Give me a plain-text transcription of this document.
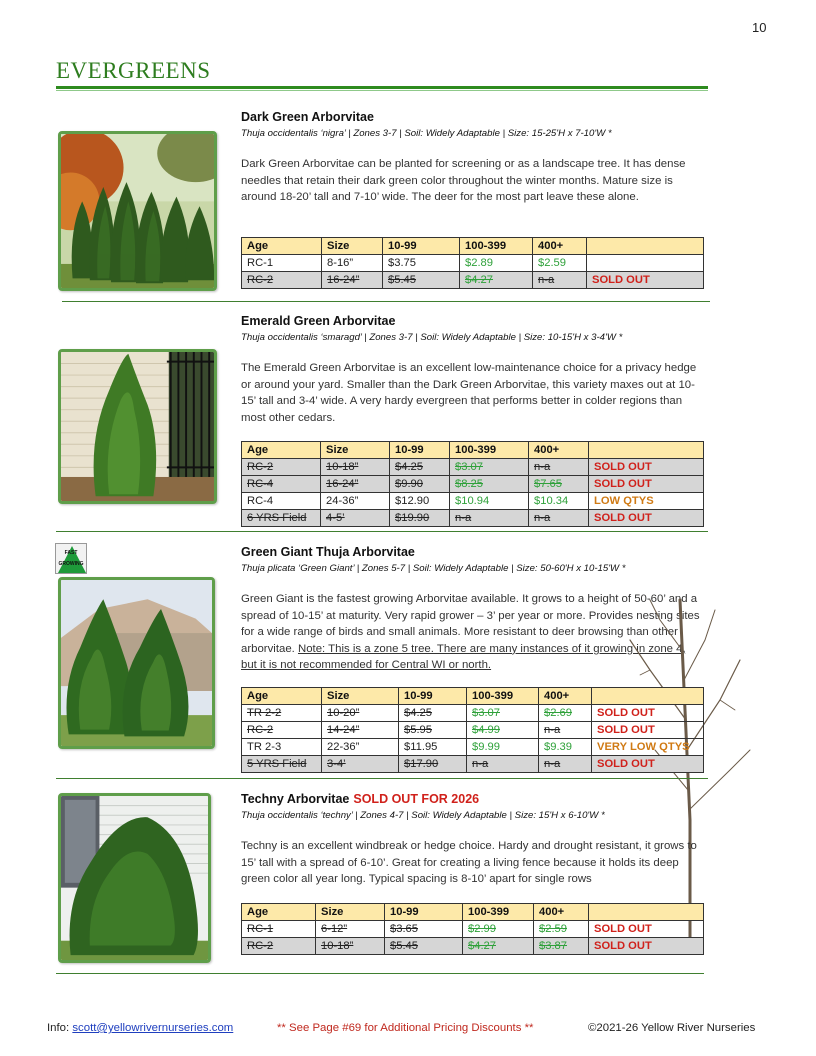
10
EVERGREENS
Dark Green Arborvitae
Thuja occidentalis ‘nigra’ | Zones 3-7 | Soil: Widely Adaptable | Size: 15-25'H x 7-10'W *
Dark Green Arborvitae can be planted for screening or as a landscape tree. It has dense needles that retain their dark green color throughout the winter months. Mature size is around 18-20’ tall and 7-10’ wide. The deer for the most part leave these alone.
Age	Size	10-99	100-399	400+	
RC-1	8-16”	$3.75	$2.89	$2.59	
RC-2	16-24”	$5.45	$4.27	n-a	SOLD OUT
Emerald Green Arborvitae
Thuja occidentalis ‘smaragd’ | Zones 3-7 | Soil: Widely Adaptable | Size: 10-15'H x 3-4'W *
The Emerald Green Arborvitae is an excellent low-maintenance choice for a privacy hedge or around your yard. Smaller than the Dark Green Arborvitae, this variety maxes out at 10-15’ tall and 3-4’ wide. A very hardy evergreen that performs better in colder regions than most other cedars.
Age	Size	10-99	100-399	400+	
RC-2	10-18”	$4.25	$3.07	n-a	SOLD OUT
RC-4	16-24”	$9.90	$8.25	$7.65	SOLD OUT
RC-4	24-36”	$12.90	$10.94	$10.34	LOW QTYS
6 YRS Field	4-5’	$19.90	n-a	n-a	SOLD OUT
FAST
GROWING
Green Giant Thuja Arborvitae
Thuja plicata ‘Green Giant’ | Zones 5-7 | Soil: Widely Adaptable | Size: 50-60'H x 10-15'W *
Green Giant is the fastest growing Arborvitae available. It grows to a height of 50-60’ and a spread of 10-15’ at maturity. Very rapid grower – 3’ per year or more. Provides nesting sites for a wide range of birds and small animals. More resistant to deer browsing than other arborvitae. Note: This is a zone 5 tree. There are many instances of it growing in zone 4, but it is not recommended for Central WI or north.
Age	Size	10-99	100-399	400+	
TR 2-2	10-20”	$4.25	$3.07	$2.69	SOLD OUT
RC-2	14-24”	$5.95	$4.99	n-a	SOLD OUT
TR 2-3	22-36”	$11.95	$9.99	$9.39	VERY LOW QTYS
5 YRS Field	3-4’	$17.90	n-a	n-a	SOLD OUT
Techny Arborvitae SOLD OUT FOR 2026
Thuja occidentalis ‘techny’ | Zones 4-7 | Soil: Widely Adaptable | Size: 15'H x 6-10'W *
Techny is an excellent windbreak or hedge choice. Hardy and drought resistant, it grows to 15’ tall with a spread of 6-10’. Great for creating a living fence because it holds its deep green color all year long. Typical spacing is 8-10’ apart for single rows
Age	Size	10-99	100-399	400+	
RC-1	6-12”	$3.65	$2.99	$2.59	SOLD OUT
RC-2	10-18”	$5.45	$4.27	$3.87	SOLD OUT
Info: scott@yellowrivernurseries.com	** See Page #69 for Additional Pricing Discounts **	©2021-26 Yellow River Nurseries
